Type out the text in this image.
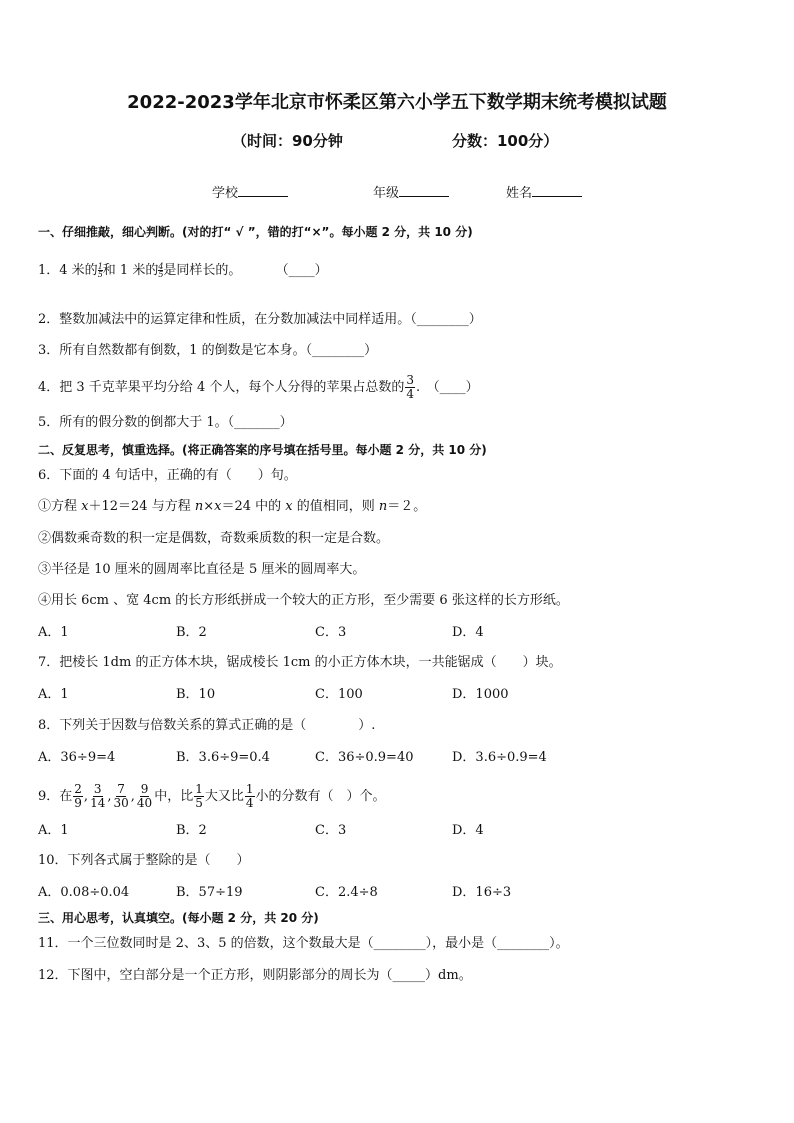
2022-2023学年北京市怀柔区第六小学五下数学期末统考模拟试题
（时间：90分钟	分数：100分）
学校	年级	姓名
一、仔细推敲，细心判断。(对的打“ √ ”，错的打“×”。每小题 2 分，共 10 分)
1．4 米的 $\frac{1}{5}$ 和 1 米的 $\frac{4}{5}$ 是同样长的。	（____）
2．整数加减法中的运算定律和性质，在分数加减法中同样适用。（________）
3．所有自然数都有倒数，1 的倒数是它本身。（________）
4．把 3 千克苹果平均分给 4 个人，每个人分得的苹果占总数的 $\frac{3}{4}$ .　（____）
5．所有的假分数的倒都大于 1。（_______）
二、反复思考，慎重选择。(将正确答案的序号填在括号里。每小题 2 分，共 10 分)
6．下面的 4 句话中，正确的有（　　）句。
①方程 x＋12＝24 与方程 n×x＝24 中的 x 的值相同，则 n＝２。
②偶数乘奇数的积一定是偶数，奇数乘质数的积一定是合数。
③半径是 10 厘米的圆周率比直径是 5 厘米的圆周率大。
④用长 6cm 、宽 4cm 的长方形纸拼成一个较大的正方形，至少需要 6 张这样的长方形纸。
A．1	B．2	C．3	D．4
7．把棱长 1dm 的正方体木块，锯成棱长 1cm 的小正方体木块，一共能锯成（　　）块。
A．1	B．10	C．100	D．1000
8．下列关于因数与倍数关系的算式正确的是（　　　　）.
A．36÷9=4	B．3.6÷9=0.4	C．36÷0.9=40	D．3.6÷0.9=4
9．在 $\frac{2}{9}$ , $\frac{3}{14}$ , $\frac{7}{30}$ , $\frac{9}{40}$ 中，比 $\frac{1}{5}$ 大又比 $\frac{1}{4}$ 小的分数有（　）个。
A．1	B．2	C．3	D．4
10．下列各式属于整除的是（　　）
A．0.08÷0.04	B．57÷19	C．2.4÷8	D．16÷3
三、用心思考，认真填空。(每小题 2 分，共 20 分)
11．一个三位数同时是 2、3、5 的倍数，这个数最大是（________），最小是（________）。
12．下图中，空白部分是一个正方形，则阴影部分的周长为（_____）dm。
